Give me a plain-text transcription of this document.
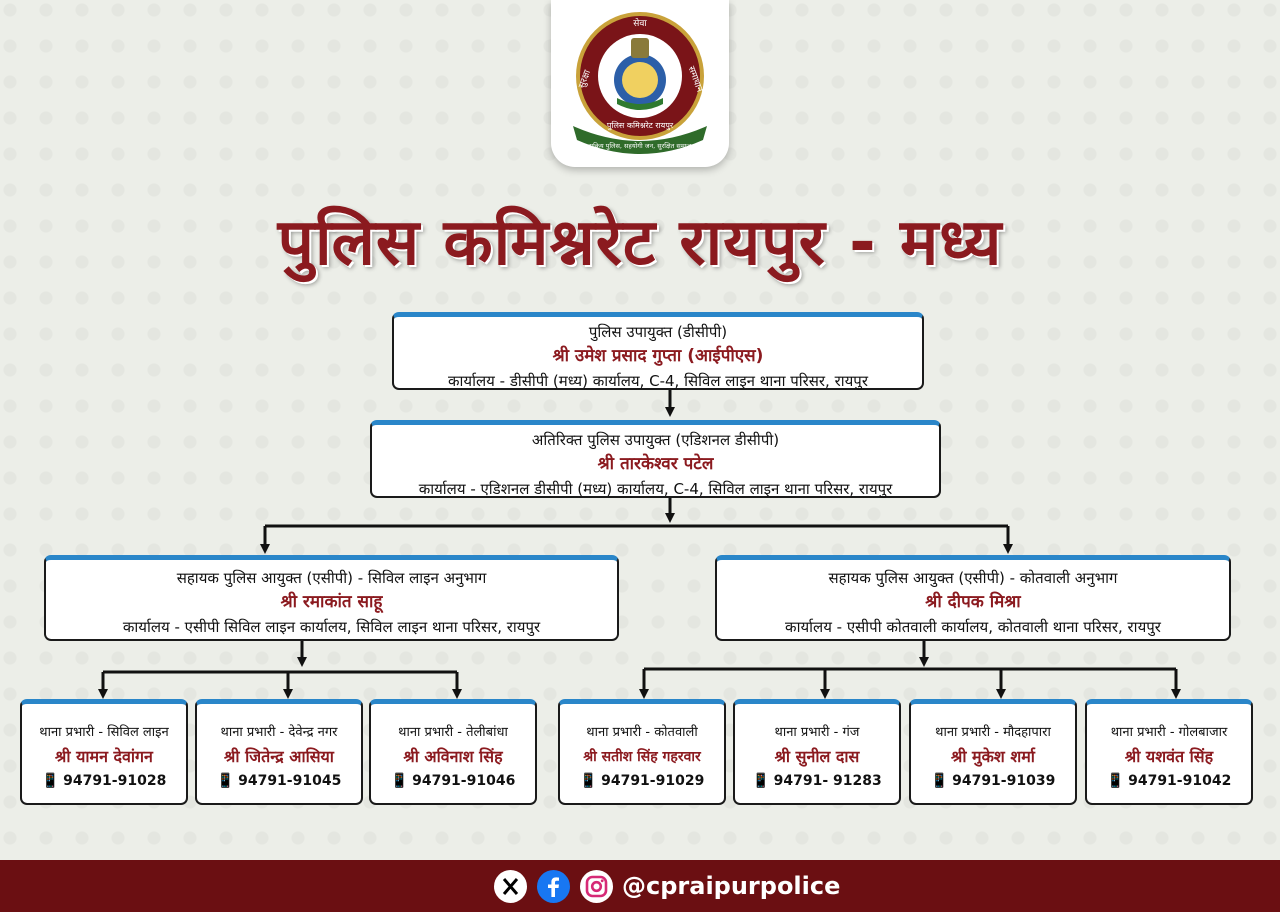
सेवा
सुरक्षा	समाधान
पुलिस कमिश्नरेट रायपुर
सक्रिय पुलिस, सहयोगी जन, सुरक्षित समाज
पुलिस कमिश्नरेट रायपुर - मध्य
पुलिस उपायुक्त (डीसीपी)
श्री उमेश प्रसाद गुप्ता (आईपीएस)
कार्यालय - डीसीपी (मध्य) कार्यालय, C-4, सिविल लाइन थाना परिसर, रायपुर
अतिरिक्त पुलिस उपायुक्त (एडिशनल डीसीपी)
श्री तारकेश्वर पटेल
कार्यालय - एडिशनल डीसीपी (मध्य) कार्यालय, C-4, सिविल लाइन थाना परिसर, रायपुर
सहायक पुलिस आयुक्त (एसीपी) - सिविल लाइन अनुभाग
श्री रमाकांत साहू
कार्यालय - एसीपी सिविल लाइन कार्यालय, सिविल लाइन थाना परिसर, रायपुर
सहायक पुलिस आयुक्त (एसीपी) - कोतवाली अनुभाग
श्री दीपक मिश्रा
कार्यालय - एसीपी कोतवाली कार्यालय, कोतवाली थाना परिसर, रायपुर
थाना प्रभारी - सिविल लाइन
श्री यामन देवांगन
📱 94791-91028
थाना प्रभारी - देवेन्द्र नगर
श्री जितेन्द्र आसिया
📱 94791-91045
थाना प्रभारी - तेलीबांधा
श्री अविनाश सिंह
📱 94791-91046
थाना प्रभारी - कोतवाली
श्री सतीश सिंह गहरवार
📱 94791-91029
थाना प्रभारी - गंज
श्री सुनील दास
📱 94791- 91283
थाना प्रभारी - मौदहापारा
श्री मुकेश शर्मा
📱 94791-91039
थाना प्रभारी - गोलबाजार
श्री यशवंत सिंह
📱 94791-91042
@cpraipurpolice
